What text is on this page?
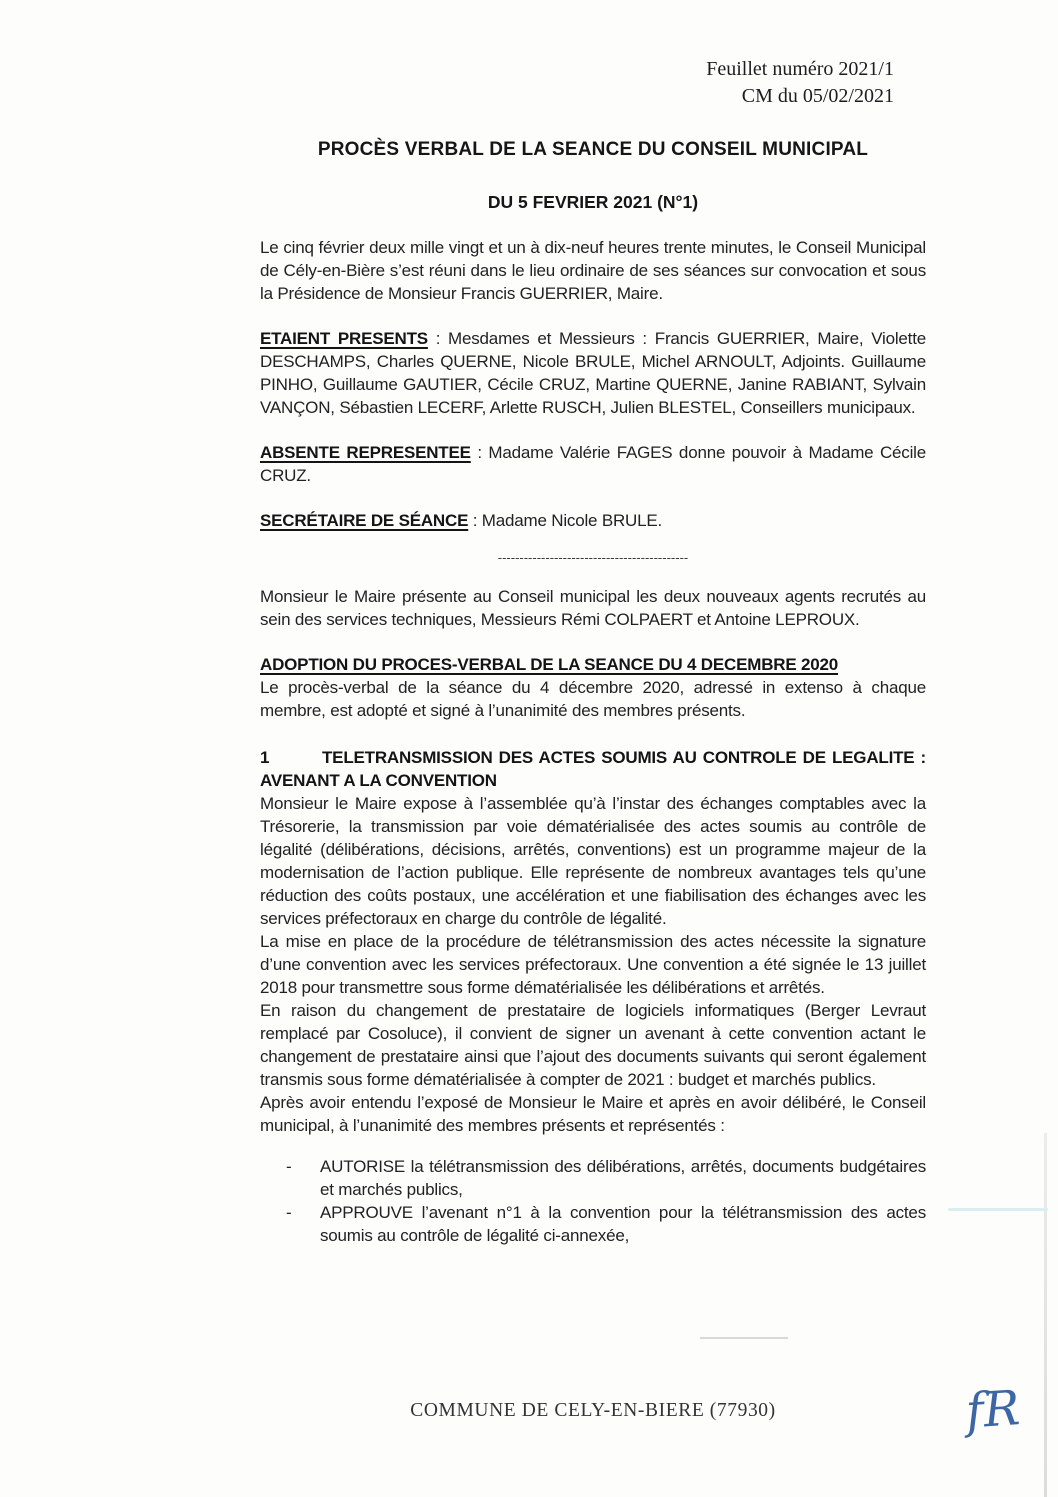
Feuillet numéro 2021/1
CM du 05/02/2021
PROCÈS VERBAL DE LA SEANCE DU CONSEIL MUNICIPAL
DU 5 FEVRIER 2021 (N°1)

Le cinq février deux mille vingt et un à dix-neuf heures trente minutes, le Conseil Municipal de Cély-en-Bière s’est réuni dans le lieu ordinaire de ses séances sur convocation et sous la Présidence de Monsieur Francis GUERRIER, Maire.

ETAIENT PRESENTS : Mesdames et Messieurs : Francis GUERRIER, Maire, Violette DESCHAMPS, Charles QUERNE, Nicole BRULE, Michel ARNOULT, Adjoints. Guillaume PINHO, Guillaume GAUTIER, Cécile CRUZ, Martine QUERNE, Janine RABIANT, Sylvain VANÇON, Sébastien LECERF, Arlette RUSCH, Julien BLESTEL, Conseillers municipaux.

ABSENTE REPRESENTEE : Madame Valérie FAGES donne pouvoir à Madame Cécile CRUZ.

SECRÉTAIRE DE SÉANCE : Madame Nicole BRULE.

--------------------------------------------

Monsieur le Maire présente au Conseil municipal les deux nouveaux agents recrutés au sein des services techniques, Messieurs Rémi COLPAERT et Antoine LEPROUX.

ADOPTION DU PROCES-VERBAL DE LA SEANCE DU 4 DECEMBRE 2020

Le procès-verbal de la séance du 4 décembre 2020, adressé in extenso à chaque membre, est adopté et signé à l’unanimité des membres présents.

1	TELETRANSMISSION DES ACTES SOUMIS AU CONTROLE DE LEGALITE : AVENANT A LA CONVENTION

Monsieur le Maire expose à l’assemblée qu’à l’instar des échanges comptables avec la Trésorerie, la transmission par voie dématérialisée des actes soumis au contrôle de légalité (délibérations, décisions, arrêtés, conventions) est un programme majeur de la modernisation de l’action publique. Elle représente de nombreux avantages tels qu’une réduction des coûts postaux, une accélération et une fiabilisation des échanges avec les services préfectoraux en charge du contrôle de légalité.

La mise en place de la procédure de télétransmission des actes nécessite la signature d’une convention avec les services préfectoraux. Une convention a été signée le 13 juillet 2018 pour transmettre sous forme dématérialisée les délibérations et arrêtés.

En raison du changement de prestataire de logiciels informatiques (Berger Levraut remplacé par Cosoluce), il convient de signer un avenant à cette convention actant le changement de prestataire ainsi que l’ajout des documents suivants qui seront également transmis sous forme dématérialisée à compter de 2021 : budget et marchés publics.

Après avoir entendu l’exposé de Monsieur le Maire et après en avoir délibéré, le Conseil municipal, à l’unanimité des membres présents et représentés :

-	AUTORISE la télétransmission des délibérations, arrêtés, documents budgétaires et marchés publics,
-	APPROUVE l’avenant n°1 à la convention pour la télétransmission des actes soumis au contrôle de légalité ci-annexée,
COMMUNE DE CELY-EN-BIERE (77930)	fR
